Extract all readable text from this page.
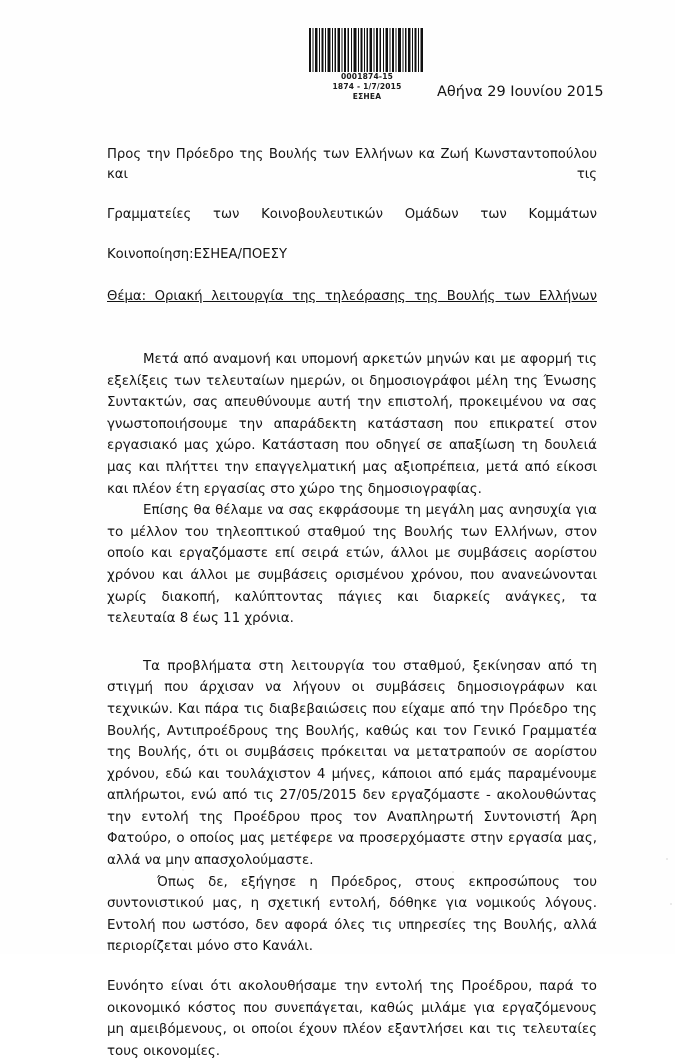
0001874-15
1874 - 1/7/2015
ΕΣΗΕΑ	Αθήνα 29 Ιουνίου 2015
Προς την Πρόεδρο της Βουλής των Ελλήνων κα Ζωή Κωνσταντοπούλου και τις
Γραμματείες των Κοινοβουλευτικών Ομάδων των Κομμάτων
Κοινοποίηση:ΕΣΗΕΑ/ΠΟΕΣΥ
Θέμα: Οριακή λειτουργία της τηλεόρασης της Βουλής των Ελλήνων

Μετά από αναμονή και υπομονή αρκετών μηνών και με αφορμή τις εξελίξεις των τελευταίων ημερών, οι δημοσιογράφοι μέλη της Ένωσης Συντακτών, σας απευθύνουμε αυτή την επιστολή, προκειμένου να σας γνωστοποιήσουμε την απαράδεκτη κατάσταση που επικρατεί στον εργασιακό μας χώρο. Κατάσταση που οδηγεί σε απαξίωση τη δουλειά μας και πλήττει την επαγγελματική μας αξιοπρέπεια, μετά από είκοσι και πλέον έτη εργασίας στο χώρο της δημοσιογραφίας.

Επίσης θα θέλαμε να σας εκφράσουμε τη μεγάλη μας ανησυχία για το μέλλον του τηλεοπτικού σταθμού της Βουλής των Ελλήνων, στον οποίο και εργαζόμαστε επί σειρά ετών, άλλοι με συμβάσεις αορίστου χρόνου και άλλοι με συμβάσεις ορισμένου χρόνου, που ανανεώνονται χωρίς διακοπή, καλύπτοντας πάγιες και διαρκείς ανάγκες, τα τελευταία 8 έως 11 χρόνια.

Τα προβλήματα στη λειτουργία του σταθμού, ξεκίνησαν από τη στιγμή που άρχισαν να λήγουν οι συμβάσεις δημοσιογράφων και τεχνικών. Και πάρα τις διαβεβαιώσεις που είχαμε από την Πρόεδρο της Βουλής, Αντιπροέδρους της Βουλής, καθώς και τον Γενικό Γραμματέα της Βουλής, ότι οι συμβάσεις πρόκειται να μετατραπούν σε αορίστου χρόνου, εδώ και τουλάχιστον 4 μήνες, κάποιοι από εμάς παραμένουμε απλήρωτοι, ενώ από τις 27/05/2015 δεν εργαζόμαστε - ακολουθώντας την εντολή της Προέδρου προς τον Αναπληρωτή Συντονιστή Άρη Φατούρο, ο οποίος μας μετέφερε να προσερχόμαστε στην εργασία μας, αλλά να μην απασχολούμαστε.

Όπως δε, εξήγησε η Πρόεδρος, στους εκπροσώπους του συντονιστικού μας, η σχετική εντολή, δόθηκε για νομικούς λόγους. Εντολή που ωστόσο, δεν αφορά όλες τις υπηρεσίες της Βουλής, αλλά περιορίζεται μόνο στο Κανάλι.

Ευνόητο είναι ότι ακολουθήσαμε την εντολή της Προέδρου, παρά το οικονομικό κόστος που συνεπάγεται, καθώς μιλάμε για εργαζόμενους μη αμειβόμενους, οι οποίοι έχουν πλέον εξαντλήσει και τις τελευταίες τους οικονομίες.
